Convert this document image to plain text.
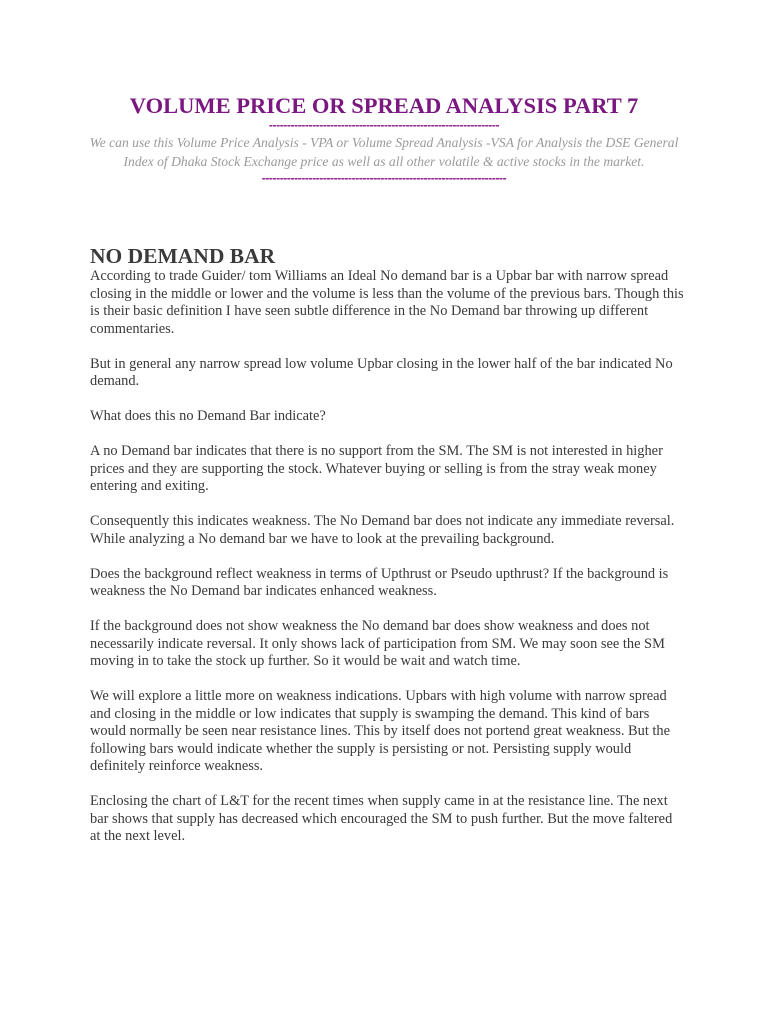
VOLUME PRICE OR SPREAD ANALYSIS PART 7
----------------------------------------------------------------
We can use this Volume Price Analysis - VPA or Volume Spread Analysis -VSA for Analysis the DSE General Index of Dhaka Stock Exchange price as well as all other volatile & active stocks in the market.
--------------------------------------------------------------------
NO DEMAND BAR

According to trade Guider/ tom Williams an Ideal No demand bar is a Upbar bar with narrow spread closing in the middle or lower and the volume is less than the volume of the previous bars. Though this is their basic definition I have seen subtle difference in the No Demand bar throwing up different commentaries.

But in general any narrow spread low volume Upbar closing in the lower half of the bar indicated No demand.

What does this no Demand Bar indicate?

A no Demand bar indicates that there is no support from the SM. The SM is not interested in higher prices and they are supporting the stock. Whatever buying or selling is from the stray weak money entering and exiting.

Consequently this indicates weakness. The No Demand bar does not indicate any immediate reversal. While analyzing a No demand bar we have to look at the prevailing background.

Does the background reflect weakness in terms of Upthrust or Pseudo upthrust? If the background is weakness the No Demand bar indicates enhanced weakness.

If the background does not show weakness the No demand bar does show weakness and does not necessarily indicate reversal. It only shows lack of participation from SM. We may soon see the SM moving in to take the stock up further. So it would be wait and watch time.

We will explore a little more on weakness indications. Upbars with high volume with narrow spread and closing in the middle or low indicates that supply is swamping the demand. This kind of bars would normally be seen near resistance lines. This by itself does not portend great weakness. But the following bars would indicate whether the supply is persisting or not. Persisting supply would definitely reinforce weakness.

Enclosing the chart of L&T for the recent times when supply came in at the resistance line. The next bar shows that supply has decreased which encouraged the SM to push further. But the move faltered at the next level.
